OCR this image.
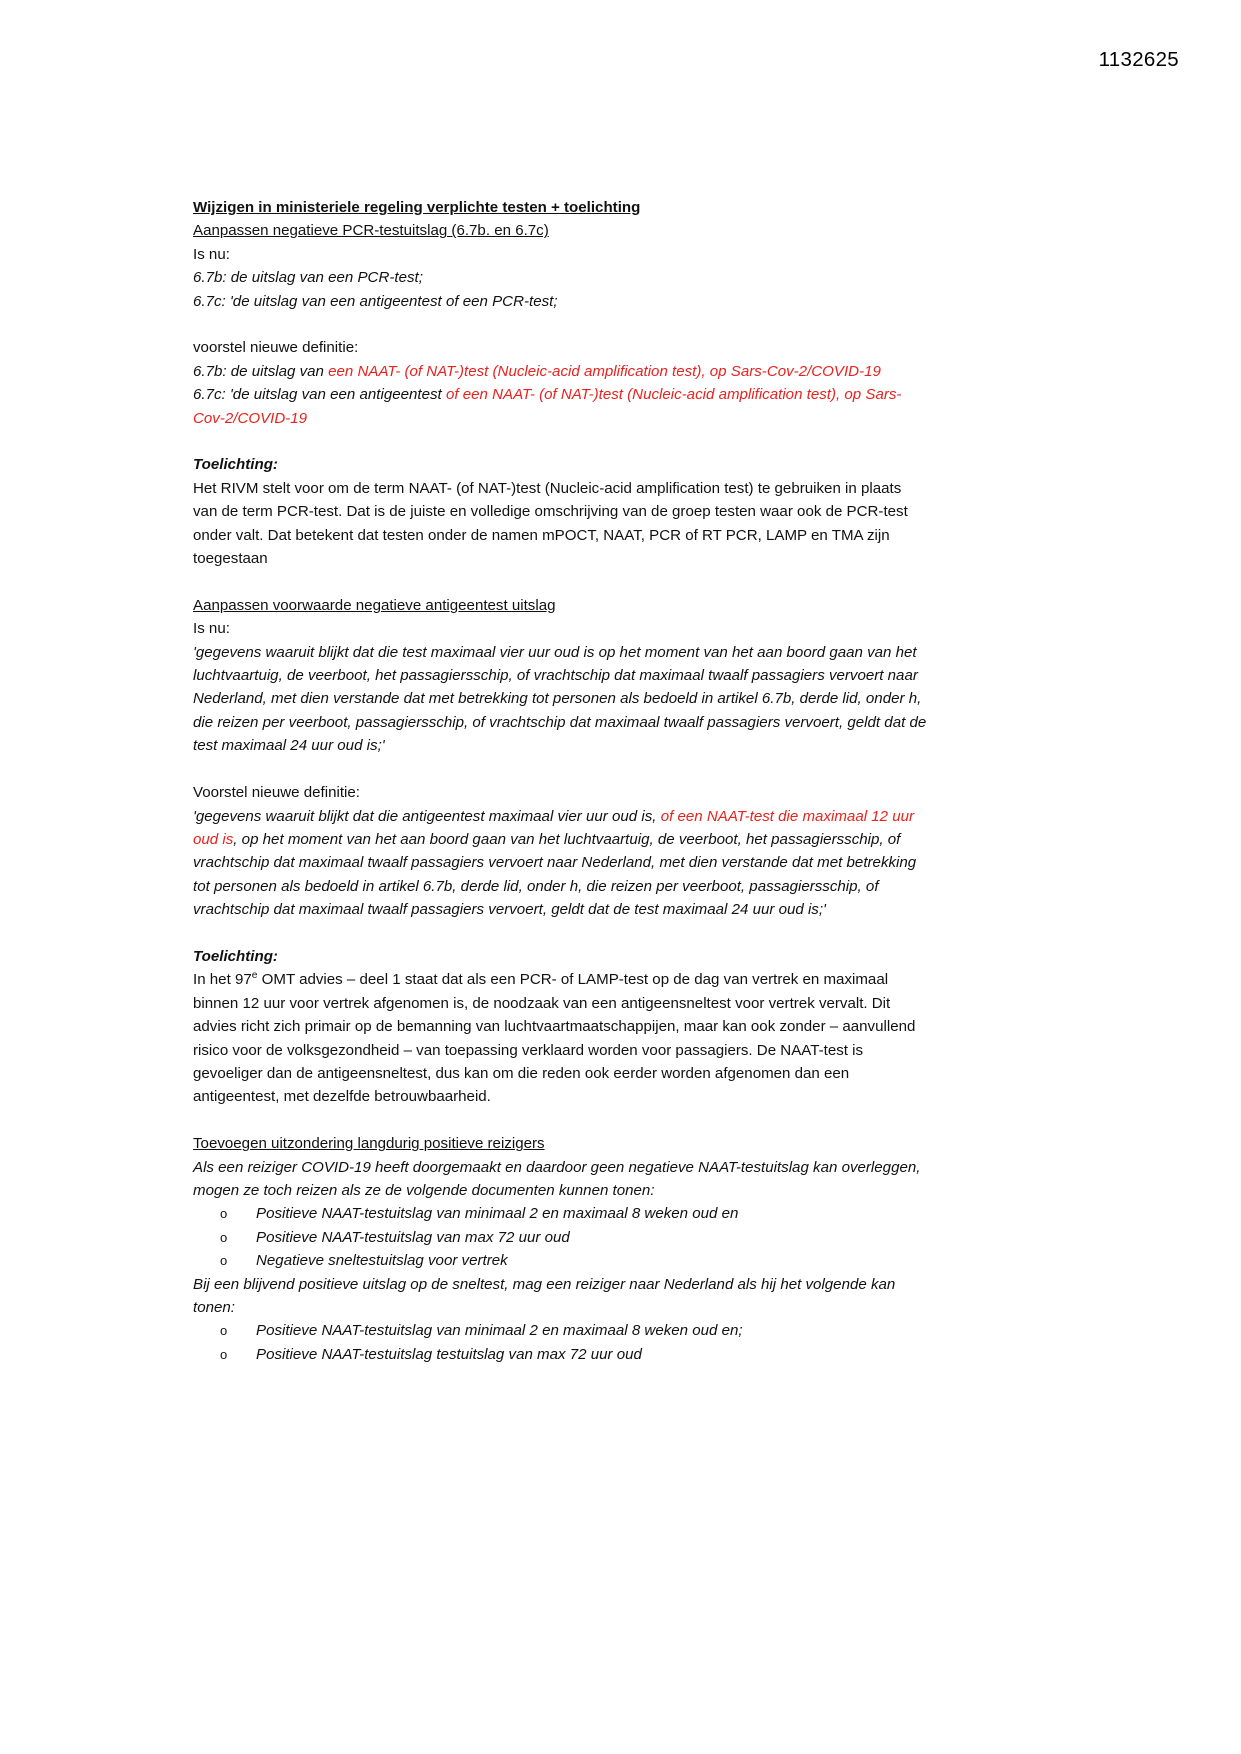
1132625
Wijzigen in ministeriele regeling verplichte testen + toelichting
Aanpassen negatieve PCR-testuitslag (6.7b. en 6.7c)
Is nu:
6.7b: de uitslag van een PCR-test;
6.7c: 'de uitslag van een antigeentest of een PCR-test;
voorstel nieuwe definitie:

6.7b: de uitslag van een NAAT- (of NAT-)test (Nucleic-acid amplification test), op Sars-Cov-2/COVID-19

6.7c: 'de uitslag van een antigeentest of een NAAT- (of NAT-)test (Nucleic-acid amplification test), op Sars-Cov-2/COVID-19

Toelichting:

Het RIVM stelt voor om de term NAAT- (of NAT-)test (Nucleic-acid amplification test) te gebruiken in plaats van de term PCR-test. Dat is de juiste en volledige omschrijving van de groep testen waar ook de PCR-test onder valt. Dat betekent dat testen onder de namen mPOCT, NAAT, PCR of RT PCR, LAMP en TMA zijn toegestaan

Aanpassen voorwaarde negatieve antigeentest uitslag
Is nu:

'gegevens waaruit blijkt dat die test maximaal vier uur oud is op het moment van het aan boord gaan van het luchtvaartuig, de veerboot, het passagiersschip, of vrachtschip dat maximaal twaalf passagiers vervoert naar Nederland, met dien verstande dat met betrekking tot personen als bedoeld in artikel 6.7b, derde lid, onder h, die reizen per veerboot, passagiersschip, of vrachtschip dat maximaal twaalf passagiers vervoert, geldt dat de test maximaal 24 uur oud is;'

Voorstel nieuwe definitie:

'gegevens waaruit blijkt dat die antigeentest maximaal vier uur oud is, of een NAAT-test die maximaal 12 uur oud is, op het moment van het aan boord gaan van het luchtvaartuig, de veerboot, het passagiersschip, of vrachtschip dat maximaal twaalf passagiers vervoert naar Nederland, met dien verstande dat met betrekking tot personen als bedoeld in artikel 6.7b, derde lid, onder h, die reizen per veerboot, passagiersschip, of vrachtschip dat maximaal twaalf passagiers vervoert, geldt dat de test maximaal 24 uur oud is;'

Toelichting:

In het 97e OMT advies – deel 1 staat dat als een PCR- of LAMP-test op de dag van vertrek en maximaal binnen 12 uur voor vertrek afgenomen is, de noodzaak van een antigeensneltest voor vertrek vervalt. Dit advies richt zich primair op de bemanning van luchtvaartmaatschappijen, maar kan ook zonder – aanvullend risico voor de volksgezondheid – van toepassing verklaard worden voor passagiers. De NAAT-test is gevoeliger dan de antigeensneltest, dus kan om die reden ook eerder worden afgenomen dan een antigeentest, met dezelfde betrouwbaarheid.

Toevoegen uitzondering langdurig positieve reizigers

Als een reiziger COVID-19 heeft doorgemaakt en daardoor geen negatieve NAAT-testuitslag kan overleggen, mogen ze toch reizen als ze de volgende documenten kunnen tonen:

o Positieve NAAT-testuitslag van minimaal 2 en maximaal 8 weken oud en
o Positieve NAAT-testuitslag van max 72 uur oud
o Negatieve sneltestuitslag voor vertrek

Bij een blijvend positieve uitslag op de sneltest, mag een reiziger naar Nederland als hij het volgende kan tonen:

o Positieve NAAT-testuitslag van minimaal 2 en maximaal 8 weken oud en;
o Positieve NAAT-testuitslag testuitslag van max 72 uur oud
